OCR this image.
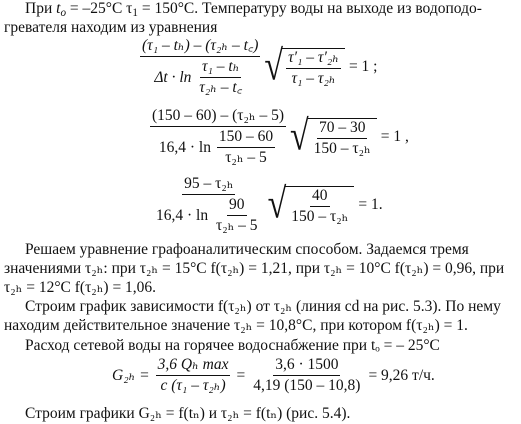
При $t_o = -25^\circ C$ $\tau_1 = 150^\circ C$. Температуру воды на выходе из водоподо-
гревателя находим из уравнения
$\frac{\text{(τ₁ – tₕ) – (τ₂ₕ – t꜀)}}{\Delta t \cdot \ln \frac{\text{τ₁ – tₕ}}{\text{τ₂ₕ – t꜀}}}$ √ $\frac{\text{τ′₁ – τ′₂ₕ}}{\text{τ₁ – τ₂ₕ}} = 1$ ;
$\frac{\text{(150 – 60) – (τ₂ₕ – 5)}}{16,4 \cdot \ln \frac{150 - 60}{\text{τ₂ₕ – 5}}}$ √ $\frac{70 - 30}{\text{150 – τ₂ₕ}} = 1$ ,
$\frac{\text{95 – τ₂ₕ}}{16,4 \cdot \ln \frac{90}{\text{τ₂ₕ – 5}}}$ √ $\frac{40}{\text{150 – τ₂ₕ}} = 1$.
Решаем уравнение графоаналитическим способом. Задаемся тремя
значениями τ₂ₕ: при τ₂ₕ = 15°C f(τ₂ₕ) = 1,21, при τ₂ₕ = 10°C f(τ₂ₕ) = 0,96, при
τ₂ₕ = 12°C f(τ₂ₕ) = 1,06.
Строим график зависимости f(τ₂ₕ) от τ₂ₕ (линия cd на рис. 5.3). По нему
находим действительное значение τ₂ₕ = 10,8°C, при котором f(τ₂ₕ) = 1.
Расход сетевой воды на горячее водоснабжение при tₒ = – 25°C
$G_{2h} = \frac{\text{3,6 Qₕ max}}{\text{c (τ₁ – τ₂ₕ)}} = \frac{3,6 \cdot 1500}{4,19 (150 - 10,8)} = 9,26$ т/ч.
Строим графики G₂ₕ = f(tₙ) и τ₂ₕ = f(tₙ) (рис. 5.4).
